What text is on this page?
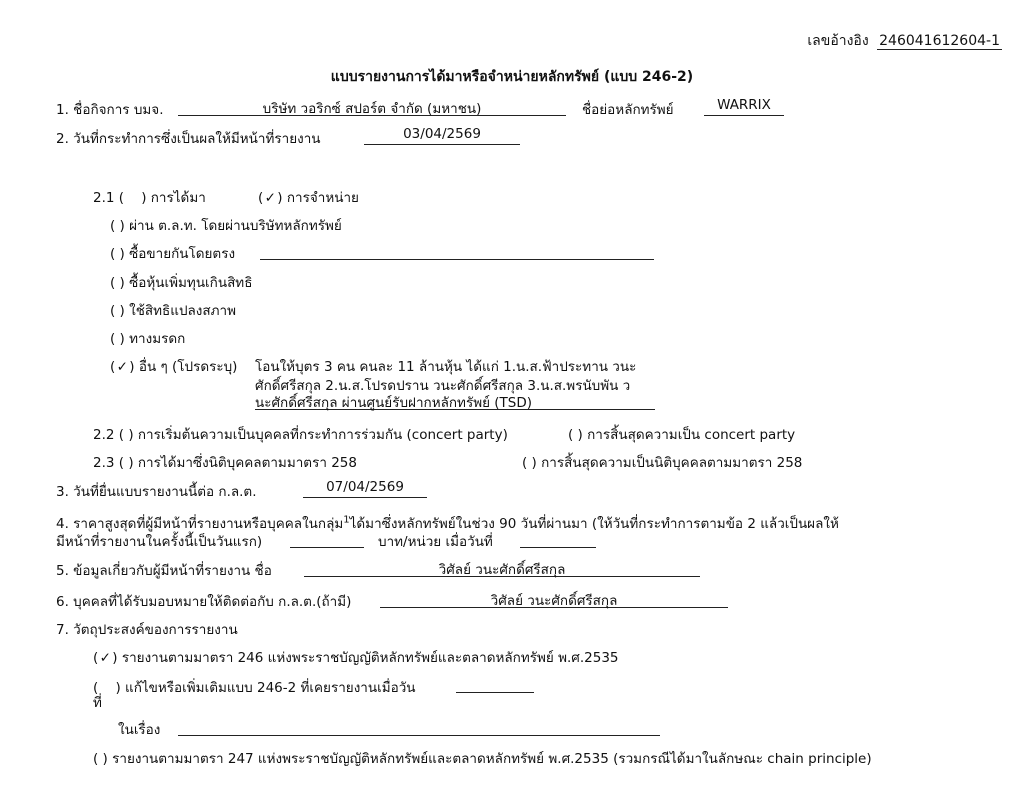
เลขอ้างอิง 246041612604-1
แบบรายงานการได้มาหรือจำหน่ายหลักทรัพย์ (แบบ 246-2)
1. ชื่อกิจการ บมจ.	บริษัท วอริกซ์ สปอร์ต จำกัด (มหาชน)	ชื่อย่อหลักทรัพย์	WARRIX
2. วันที่กระทำการซึ่งเป็นผลให้มีหน้าที่รายงาน	03/04/2569
2.1 ( ) การได้มา	(✓) การจำหน่าย
( ) ผ่าน ต.ล.ท. โดยผ่านบริษัทหลักทรัพย์
( ) ซื้อขายกันโดยตรง
( ) ซื้อหุ้นเพิ่มทุนเกินสิทธิ
( ) ใช้สิทธิแปลงสภาพ
( ) ทางมรดก
(✓) อื่น ๆ (โปรดระบุ) โอนให้บุตร 3 คน คนละ 11 ล้านหุ้น ได้แก่ 1.น.ส.ฟ้าประทาน วนะ
ศักดิ์ศรีสกุล 2.น.ส.โปรดปราน วนะศักดิ์ศรีสกุล 3.น.ส.พรนับพัน ว
นะศักดิ์ศรีสกุล ผ่านศูนย์รับฝากหลักทรัพย์ (TSD)
2.2 ( ) การเริ่มต้นความเป็นบุคคลที่กระทำการร่วมกัน (concert party)	( ) การสิ้นสุดความเป็น concert party
2.3 ( ) การได้มาซึ่งนิติบุคคลตามมาตรา 258	( ) การสิ้นสุดความเป็นนิติบุคคลตามมาตรา 258
3. วันที่ยื่นแบบรายงานนี้ต่อ ก.ล.ต.	07/04/2569
4. ราคาสูงสุดที่ผู้มีหน้าที่รายงานหรือบุคคลในกลุ่ม$^1$ได้มาซึ่งหลักทรัพย์ในช่วง 90 วันที่ผ่านมา (ให้วันที่กระทำการตามข้อ 2 แล้วเป็นผลให้
มีหน้าที่รายงานในครั้งนี้เป็นวันแรก)	บาท/หน่วย เมื่อวันที่
5. ข้อมูลเกี่ยวกับผู้มีหน้าที่รายงาน ชื่อ	วิศัลย์ วนะศักดิ์ศรีสกุล
6. บุคคลที่ได้รับมอบหมายให้ติดต่อกับ ก.ล.ต.(ถ้ามี)	วิศัลย์ วนะศักดิ์ศรีสกุล
7. วัตถุประสงค์ของการรายงาน
(✓) รายงานตามมาตรา 246 แห่งพระราชบัญญัติหลักทรัพย์และตลาดหลักทรัพย์ พ.ศ.2535
( ) แก้ไขหรือเพิ่มเติมแบบ 246-2 ที่เคยรายงานเมื่อวัน
ที่
ในเรื่อง
( ) รายงานตามมาตรา 247 แห่งพระราชบัญญัติหลักทรัพย์และตลาดหลักทรัพย์ พ.ศ.2535 (รวมกรณีได้มาในลักษณะ chain principle)
